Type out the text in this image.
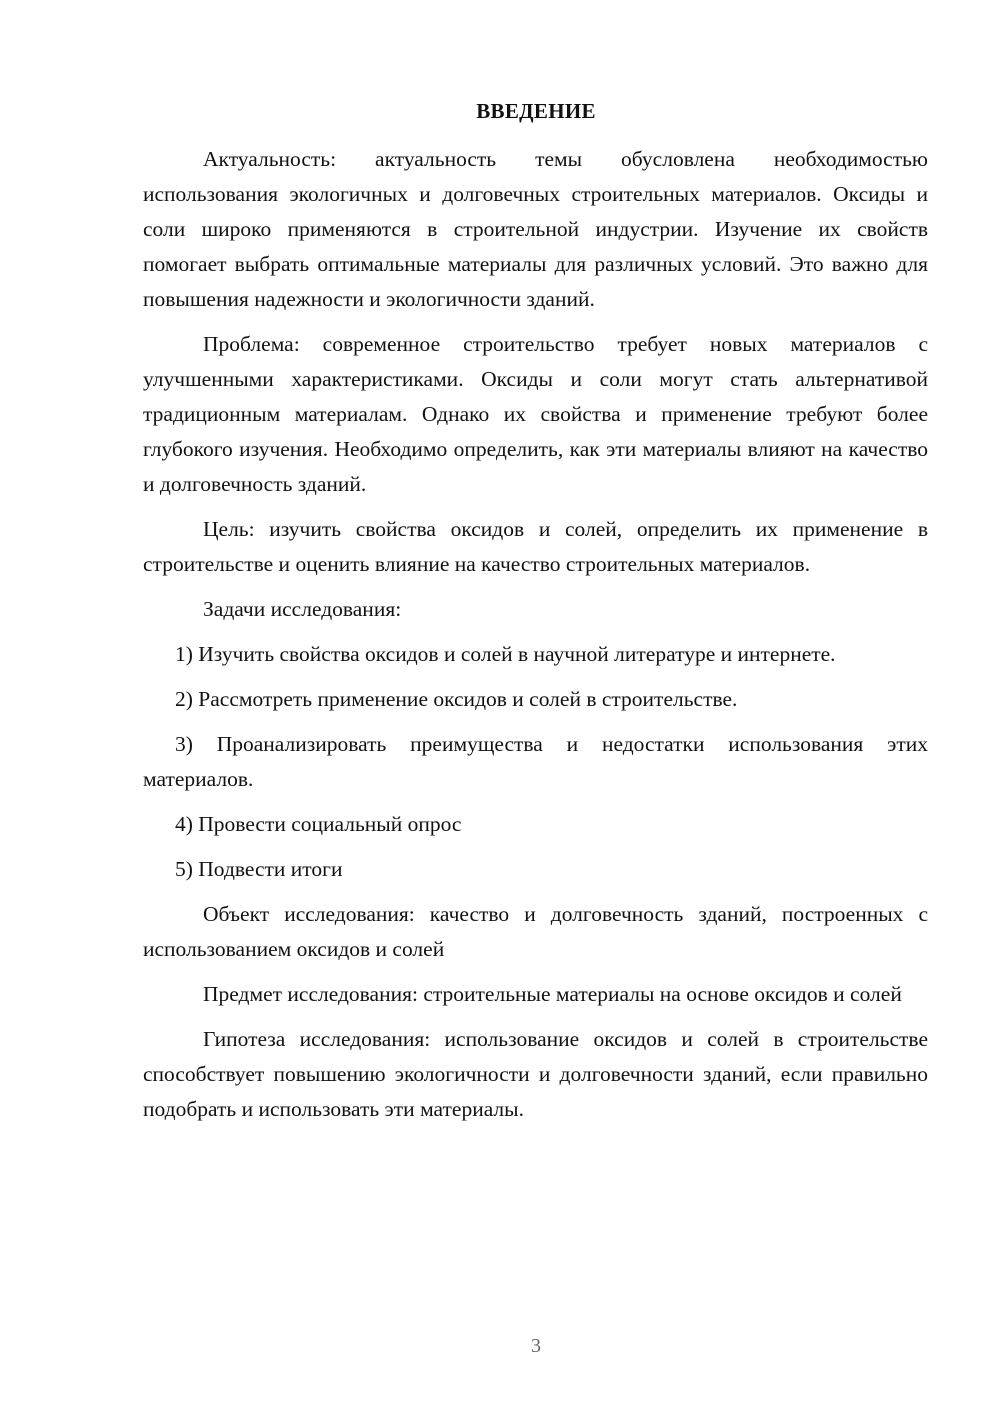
ВВЕДЕНИЕ

Актуальность: актуальность темы обусловлена необходимостью использования экологичных и долговечных строительных материалов. Оксиды и соли широко применяются в строительной индустрии. Изучение их свойств помогает выбрать оптимальные материалы для различных условий. Это важно для повышения надежности и экологичности зданий.

Проблема: современное строительство требует новых материалов с улучшенными характеристиками. Оксиды и соли могут стать альтернативой традиционным материалам. Однако их свойства и применение требуют более глубокого изучения. Необходимо определить, как эти материалы влияют на качество и долговечность зданий.

Цель: изучить свойства оксидов и солей, определить их применение в строительстве и оценить влияние на качество строительных материалов.

Задачи исследования:

1) Изучить свойства оксидов и солей в научной литературе и интернете.

2) Рассмотреть применение оксидов и солей в строительстве.

3) Проанализировать преимущества и недостатки использования этих материалов.

4) Провести социальный опрос

5) Подвести итоги

Объект исследования: качество и долговечность зданий, построенных с использованием оксидов и солей

Предмет исследования: строительные материалы на основе оксидов и солей

Гипотеза исследования: использование оксидов и солей в строительстве способствует повышению экологичности и долговечности зданий, если правильно подобрать и использовать эти материалы.

3
